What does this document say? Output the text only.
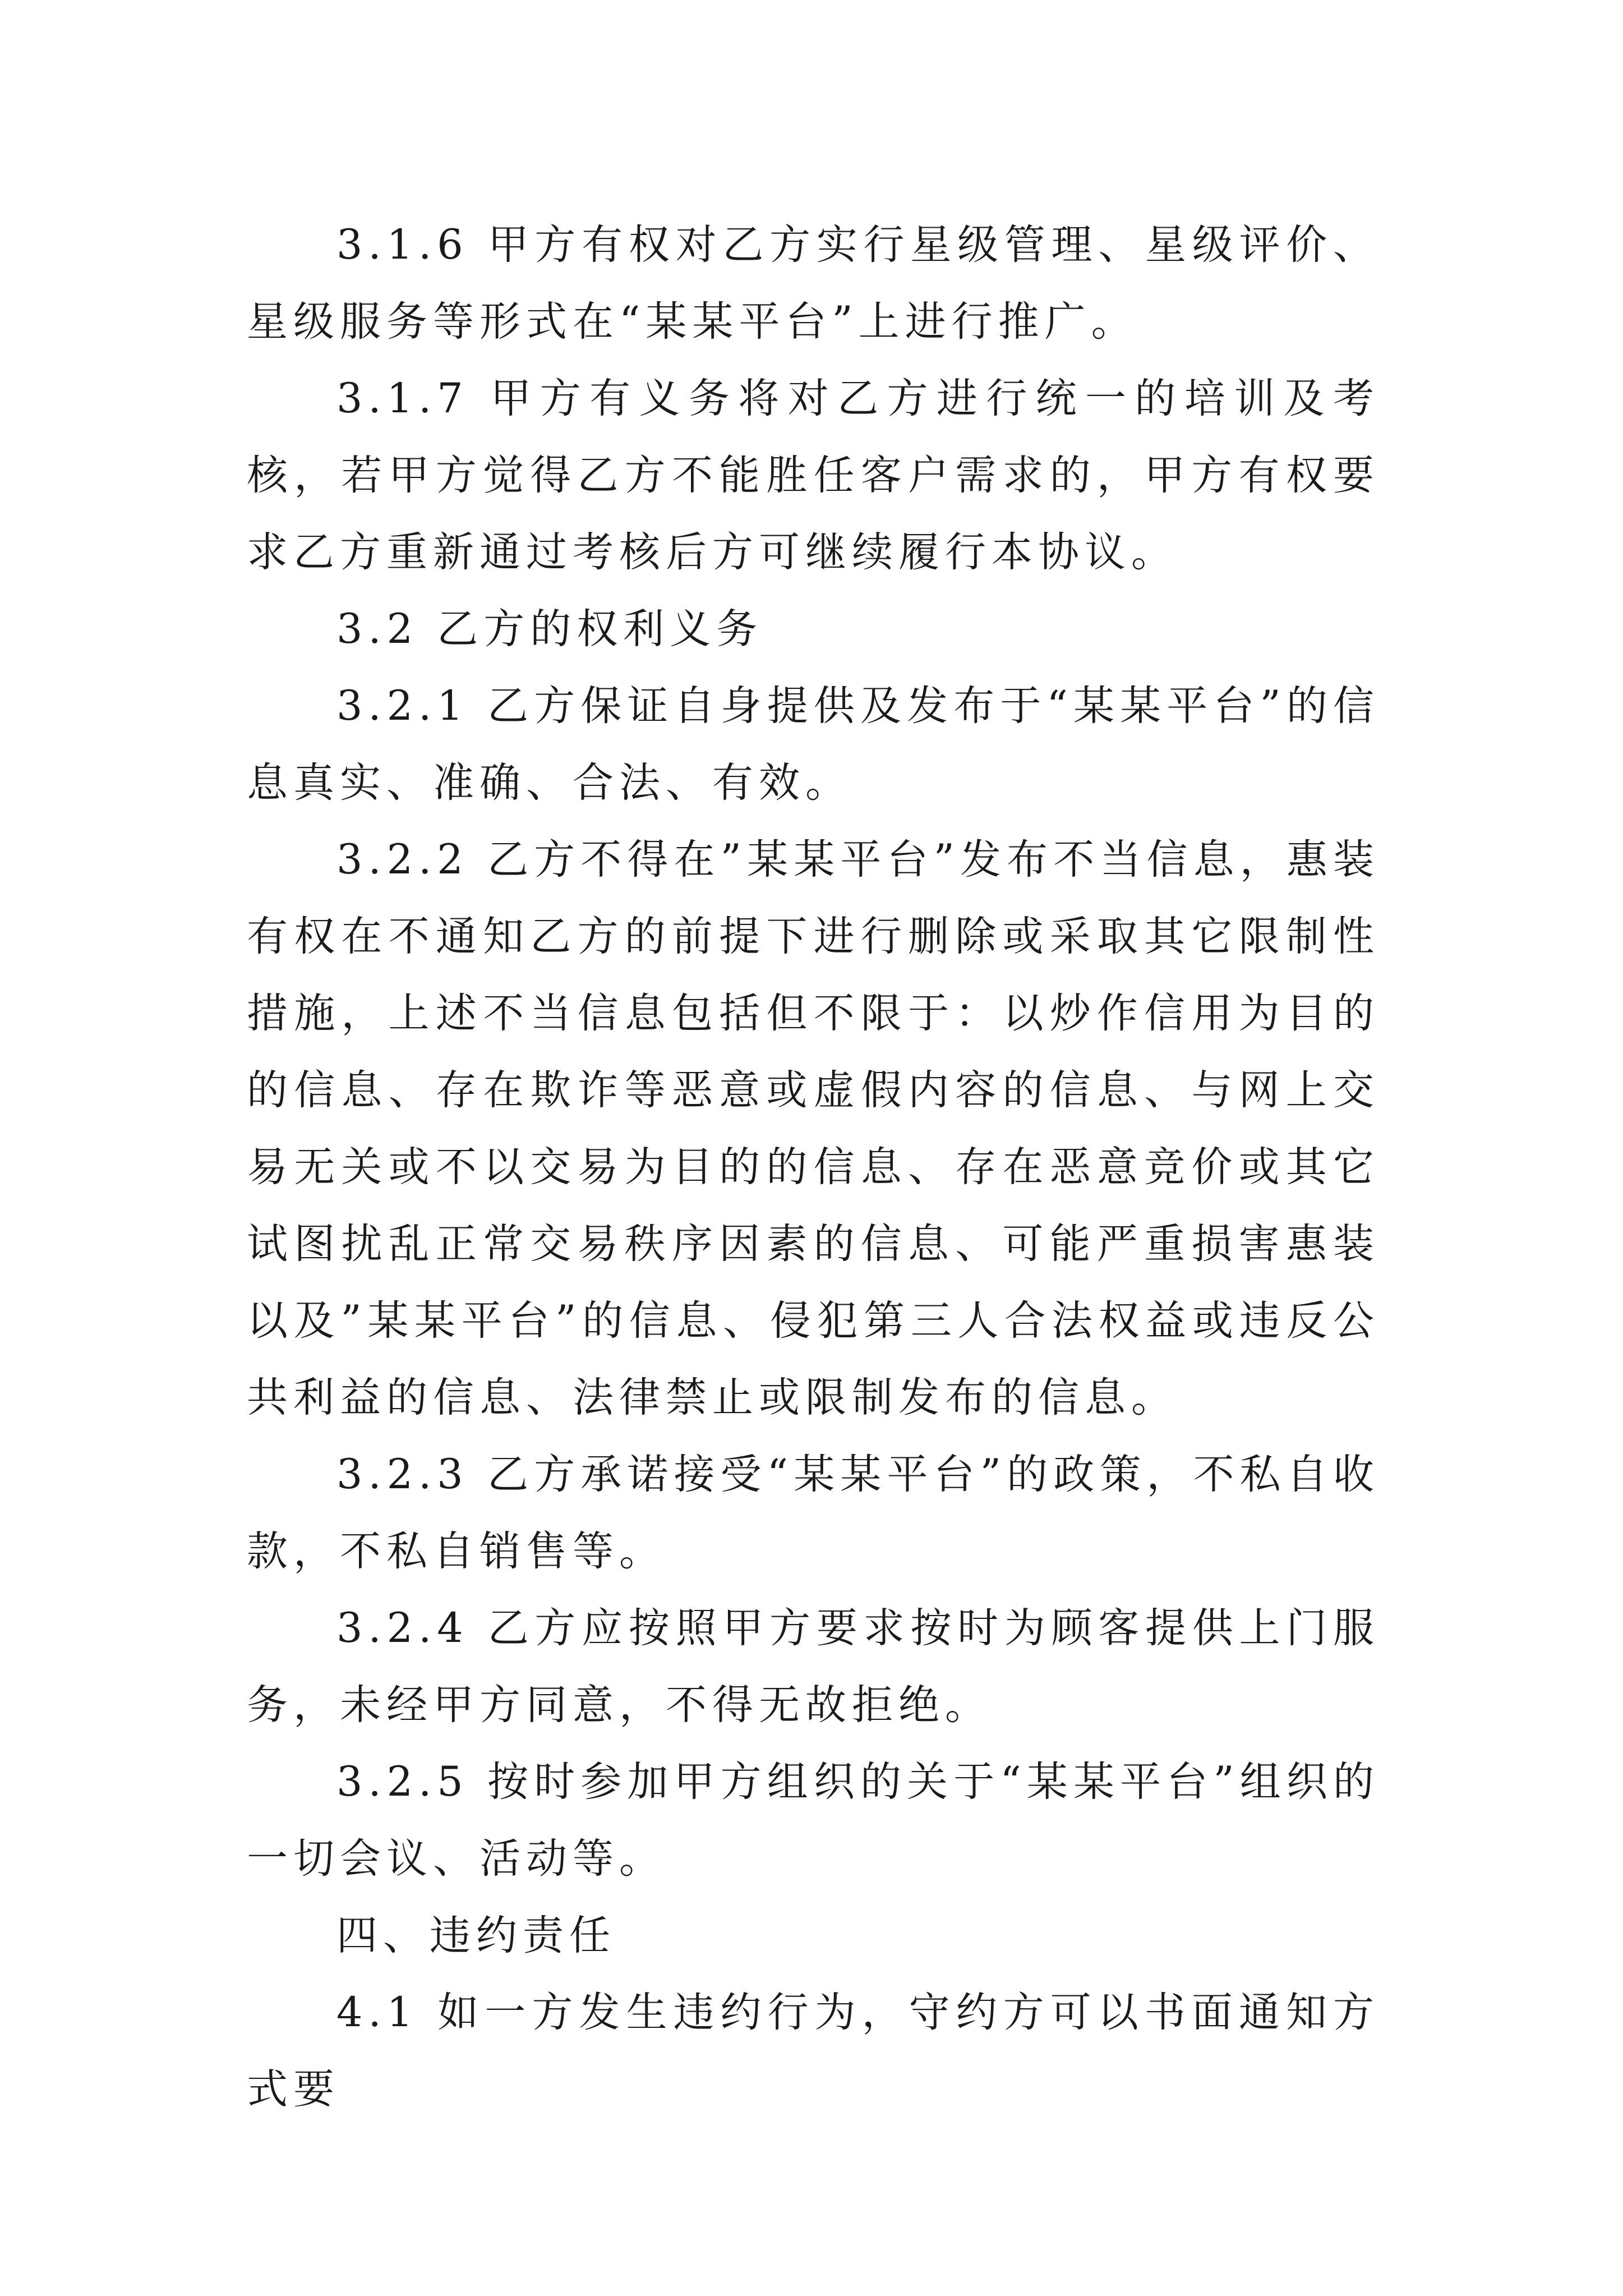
3.1.6 甲方有权对乙方实行星级管理、星级评价、星级服务等形式在“某某平台”上进行推广。

3.1.7 甲方有义务将对乙方进行统一的培训及考核，若甲方觉得乙方不能胜任客户需求的，甲方有权要求乙方重新通过考核后方可继续履行本协议。

3.2 乙方的权利义务

3.2.1 乙方保证自身提供及发布于“某某平台”的信息真实、准确、合法、有效。

3.2.2 乙方不得在”某某平台”发布不当信息，惠装有权在不通知乙方的前提下进行删除或采取其它限制性措施，上述不当信息包括但不限于：以炒作信用为目的的信息、存在欺诈等恶意或虚假内容的信息、与网上交易无关或不以交易为目的的信息、存在恶意竞价或其它试图扰乱正常交易秩序因素的信息、可能严重损害惠装以及”某某平台”的信息、侵犯第三人合法权益或违反公共利益的信息、法律禁止或限制发布的信息。

3.2.3 乙方承诺接受“某某平台”的政策，不私自收款，不私自销售等。

3.2.4 乙方应按照甲方要求按时为顾客提供上门服务，未经甲方同意，不得无故拒绝。

3.2.5 按时参加甲方组织的关于“某某平台”组织的一切会议、活动等。

四、违约责任

4.1 如一方发生违约行为，守约方可以书面通知方式要
